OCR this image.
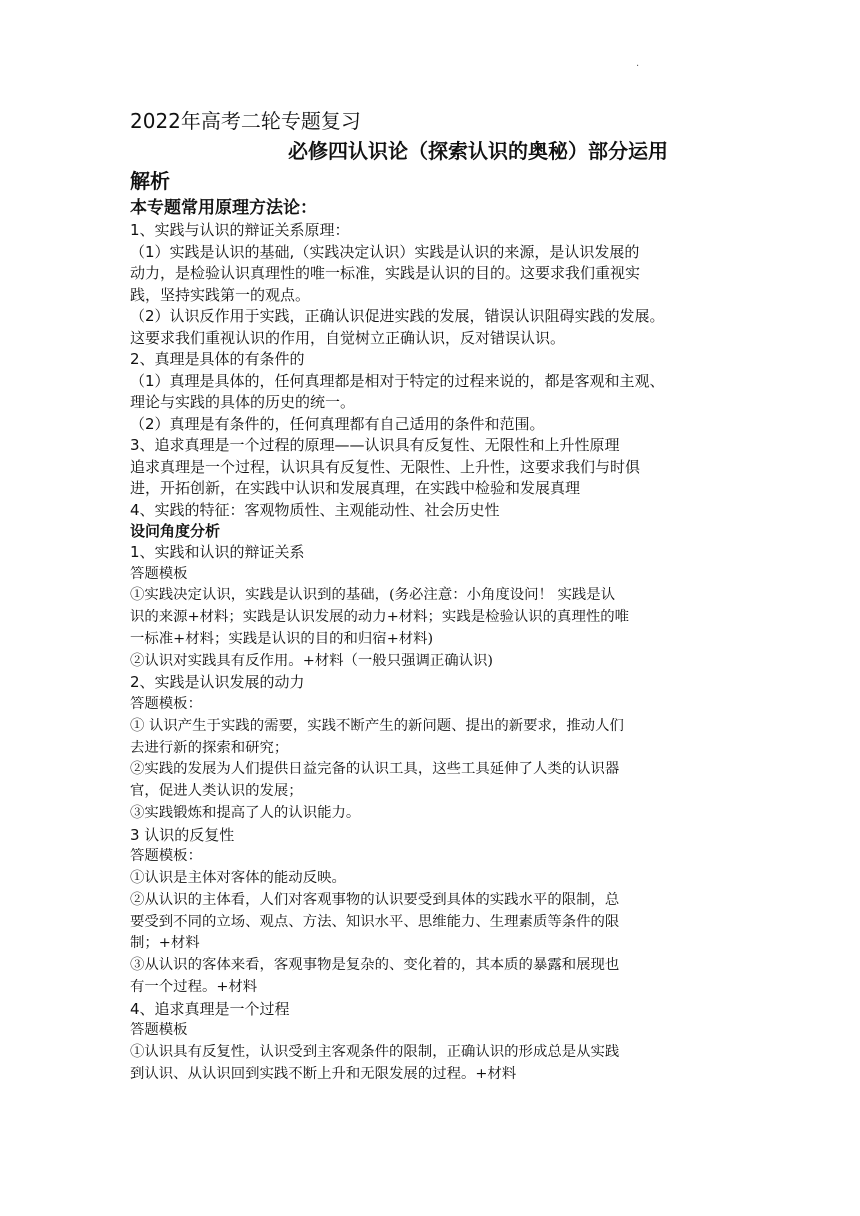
.
2022年高考二轮专题复习
必修四认识论（探索认识的奥秘）部分运用
解析
本专题常用原理方法论：
1、实践与认识的辩证关系原理：
（1）实践是认识的基础,（实践决定认识）实践是认识的来源，是认识发展的
动力，是检验认识真理性的唯一标准，实践是认识的目的。这要求我们重视实
践，坚持实践第一的观点。
（2）认识反作用于实践，正确认识促进实践的发展，错误认识阻碍实践的发展。
这要求我们重视认识的作用，自觉树立正确认识，反对错误认识。
2、真理是具体的有条件的
（1）真理是具体的，任何真理都是相对于特定的过程来说的，都是客观和主观、
理论与实践的具体的历史的统一。
（2）真理是有条件的，任何真理都有自己适用的条件和范围。
3、追求真理是一个过程的原理——认识具有反复性、无限性和上升性原理
追求真理是一个过程，认识具有反复性、无限性、上升性，这要求我们与时俱
进，开拓创新，在实践中认识和发展真理，在实践中检验和发展真理
4、实践的特征：客观物质性、主观能动性、社会历史性
设问角度分析
1、实践和认识的辩证关系
答题模板
①实践决定认识，实践是认识到的基础，(务必注意：小角度设问！ 实践是认
识的来源+材料；实践是认识发展的动力+材料；实践是检验认识的真理性的唯
一标准+材料；实践是认识的目的和归宿+材料)
②认识对实践具有反作用。+材料（一般只强调正确认识)
2、实践是认识发展的动力
答题模板：
① 认识产生于实践的需要，实践不断产生的新问题、提出的新要求，推动人们
去进行新的探索和研究；
②实践的发展为人们提供日益完备的认识工具，这些工具延伸了人类的认识器
官，促进人类认识的发展；
③实践锻炼和提高了人的认识能力。
3 认识的反复性
答题模板：
①认识是主体对客体的能动反映。
②从认识的主体看，人们对客观事物的认识要受到具体的实践水平的限制，总
要受到不同的立场、观点、方法、知识水平、思维能力、生理素质等条件的限
制；+材料
③从认识的客体来看，客观事物是复杂的、变化着的，其本质的暴露和展现也
有一个过程。+材料
4、追求真理是一个过程
答题模板
①认识具有反复性，认识受到主客观条件的限制，正确认识的形成总是从实践
到认识、从认识回到实践不断上升和无限发展的过程。+材料
